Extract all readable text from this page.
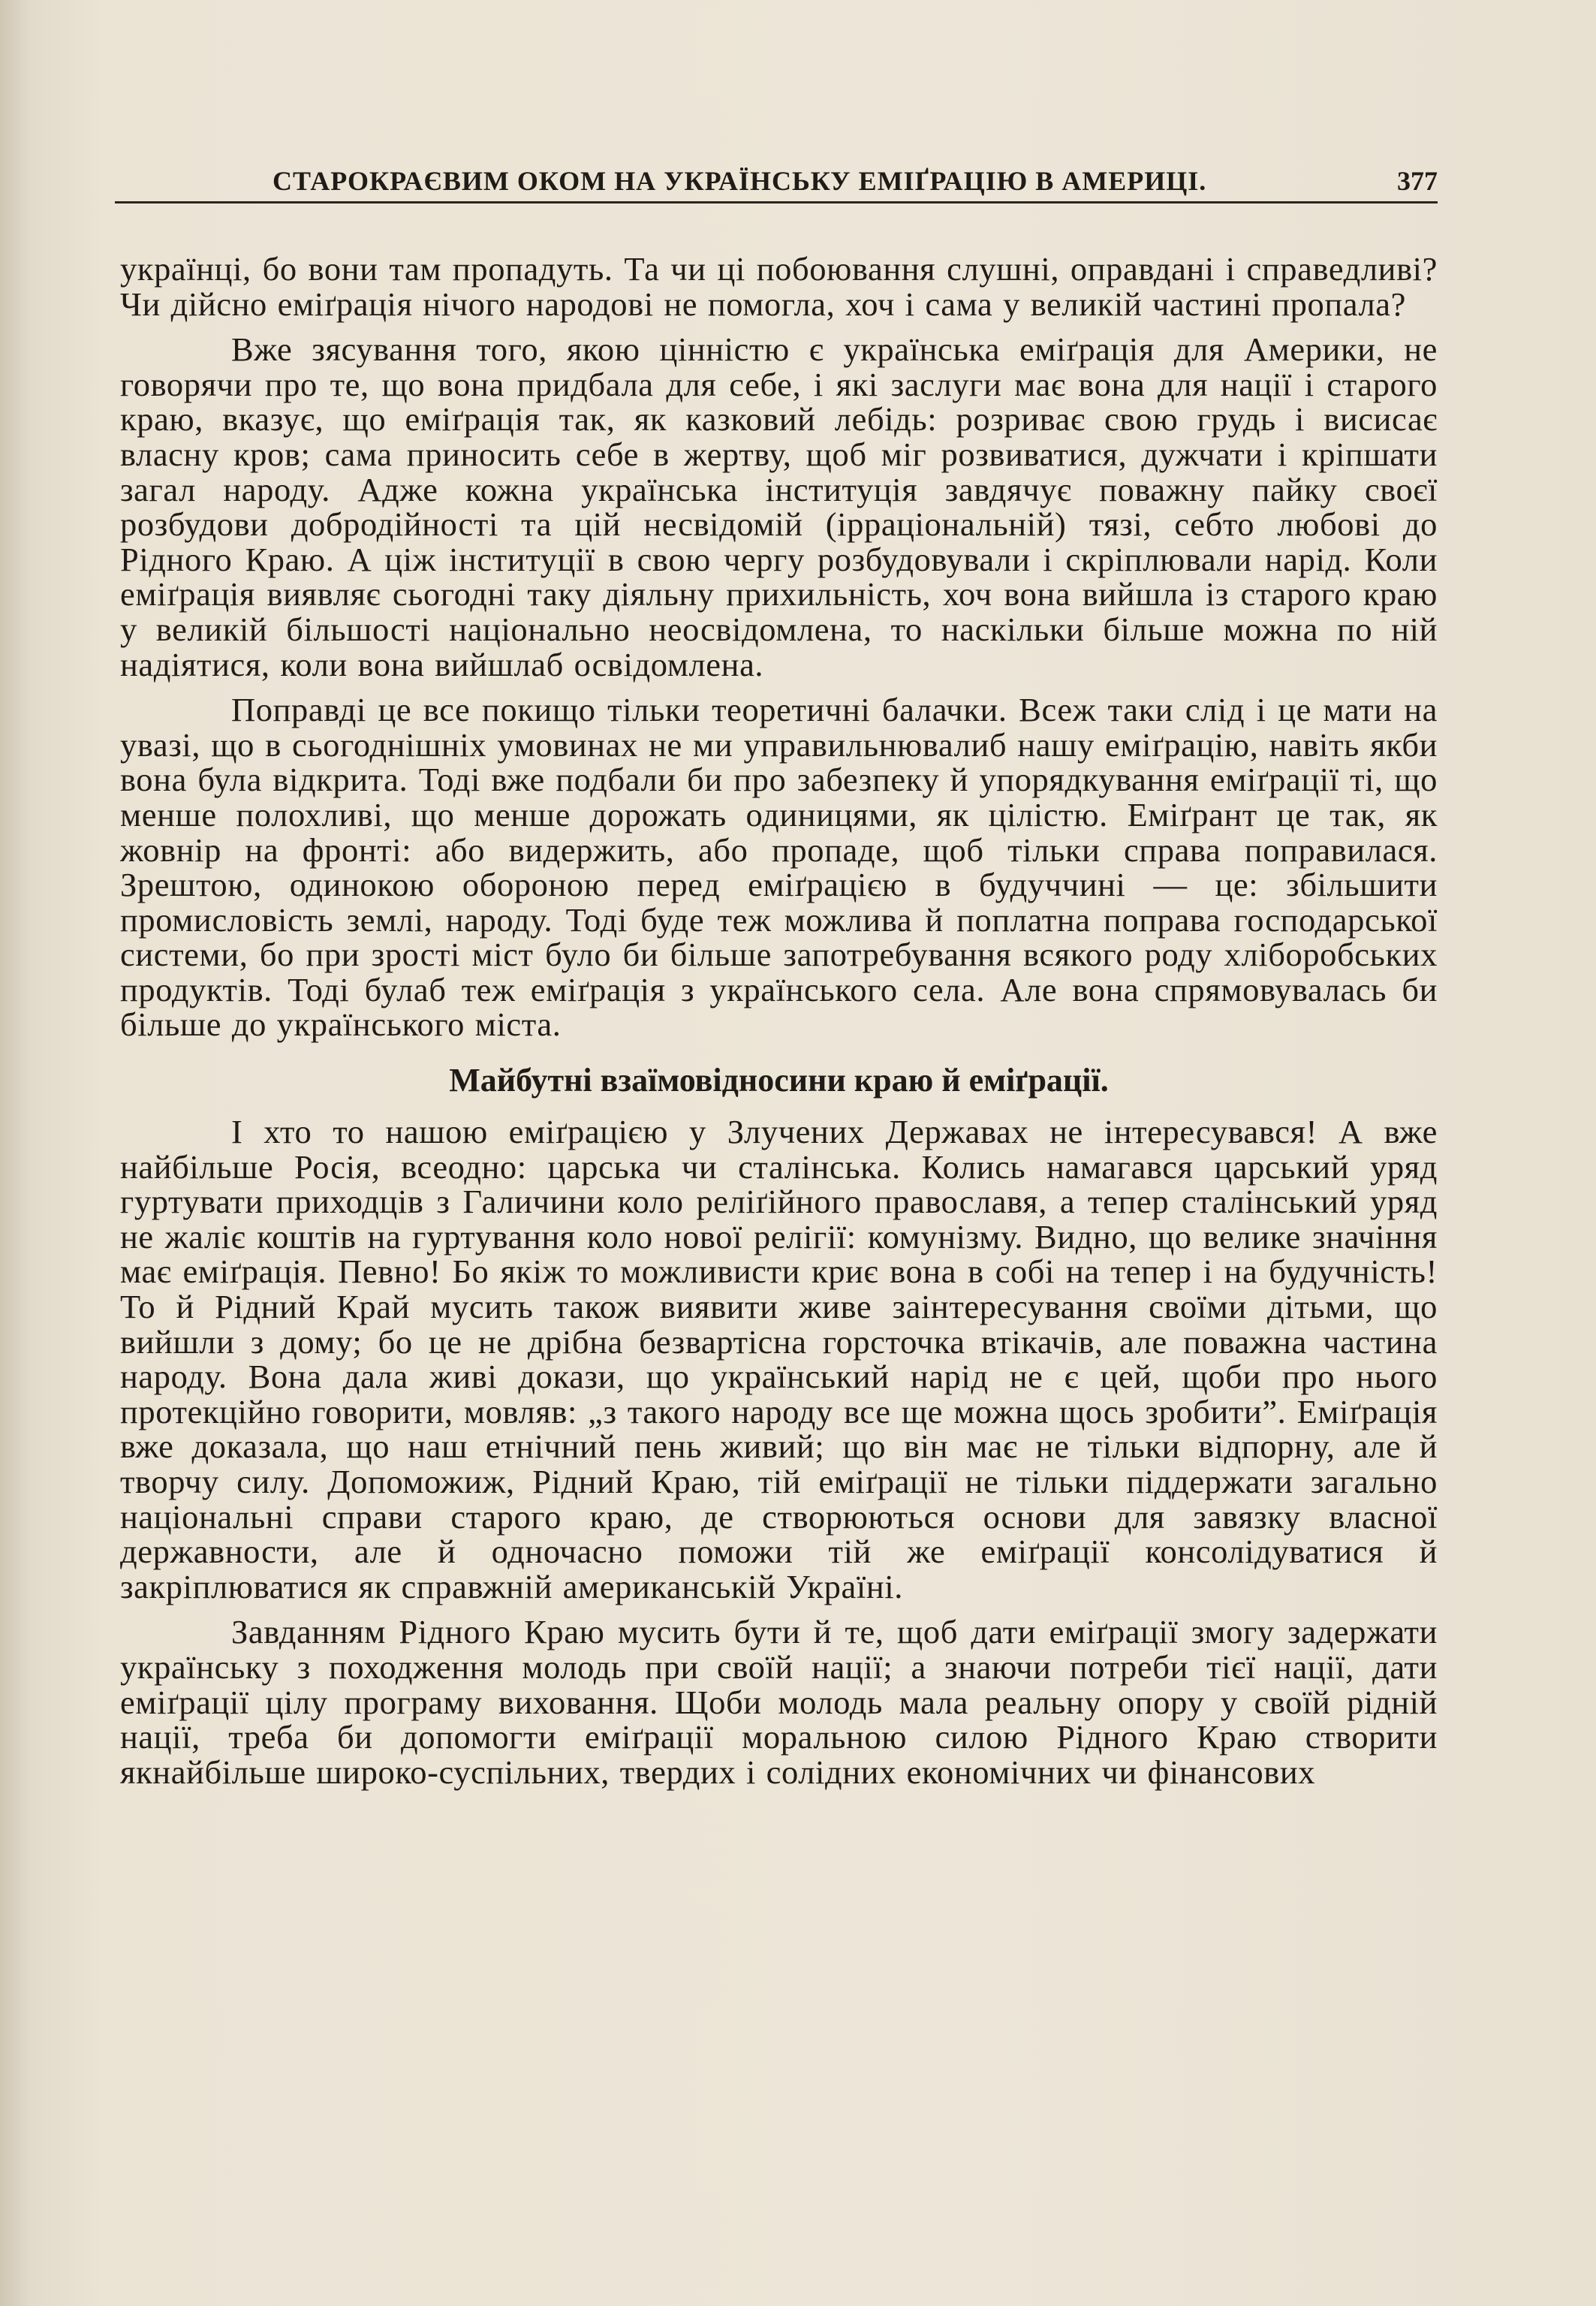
СТАРОКРАЄВИМ ОКОМ НА УКРАЇНСЬКУ ЕМІҐРАЦІЮ В АМЕРИЦІ.	377

українці, бо вони там пропадуть. Та чи ці побоювання слушні, оправдані і справедливі? Чи дійсно еміґрація нічого народові не помогла, хоч і сама у великій частині пропала?

Вже зясування того, якою цінністю є українська еміґрація для Америки, не говорячи про те, що вона придбала для себе, і які заслуги має вона для нації і старого краю, вказує, що еміґрація так, як казковий лебідь: розриває свою грудь і висисає власну кров; сама приносить себе в жертву, щоб міг розвиватися, дужчати і кріпшати загал народу. Адже кожна українська інституція завдячує поважну пайку своєї розбудови добродійності та цій несвідомій (ірраціональній) тязі, себто любові до Рідного Краю. А ціж інституції в свою чергу розбудовували і скріплювали нарід. Коли еміґрація виявляє сьогодні таку діяльну прихильність, хоч вона вийшла із старого краю у великій більшості національно неосвідомлена, то наскільки більше можна по ній надіятися, коли вона вийшлаб освідомлена.

Поправді це все покищо тільки теоретичні балачки. Всеж таки слід і це мати на увазі, що в сьогоднішніх умовинах не ми управильнювалиб нашу еміґрацію, навіть якби вона була відкрита. Тоді вже подбали би про забезпеку й упорядкування еміґрації ті, що менше полохливі, що менше дорожать одиницями, як цілістю. Еміґрант це так, як жовнір на фронті: або видержить, або пропаде, щоб тільки справа поправилася. Зрештою, одинокою обороною перед еміґрацією в будуччині — це: збільшити промисловість землі, народу. Тоді буде теж можлива й поплатна поправа господарської системи, бо при зрості міст було би більше запотребування всякого роду хліборобських продуктів. Тоді булаб теж еміґрація з українського села. Але вона спрямовувалась би більше до українського міста.

Майбутні взаїмовідносини краю й еміґрації.

І хто то нашою еміґрацією у Злучених Державах не інтересувався! А вже найбільше Росія, всеодно: царська чи сталінська. Колись намагався царський уряд гуртувати приходців з Галичини коло реліґійного православя, а тепер сталінський уряд не жаліє коштів на гуртування коло нової релігії: комунізму. Видно, що велике значіння має еміґрація. Певно! Бо якіж то можливисти криє вона в собі на тепер і на будучність! То й Рідний Край мусить також виявити живе заінтересування своїми дітьми, що вийшли з дому; бо це не дрібна безвартісна горсточка втікачів, але поважна частина народу. Вона дала живі докази, що український нарід не є цей, щоби про нього протекційно говорити, мовляв: „з такого народу все ще можна щось зробити”. Еміґрація вже доказала, що наш етнічний пень живий; що він має не тільки відпорну, але й творчу силу. Допоможиж, Рідний Краю, тій еміґрації не тільки піддержати загально національні справи старого краю, де створюються основи для завязку власної державности, але й одночасно поможи тій же еміґрації консолідуватися й закріплюватися як справжній американській Україні.

Завданням Рідного Краю мусить бути й те, щоб дати еміґрації змогу задержати українську з походження молодь при своїй нації; а знаючи потреби тієї нації, дати еміґрації цілу програму виховання. Щоби молодь мала реальну опору у своїй рідній нації, треба би допомогти еміґрації моральною силою Рідного Краю створити якнайбільше широко-суспільних, твердих і солідних економічних чи фінансових
